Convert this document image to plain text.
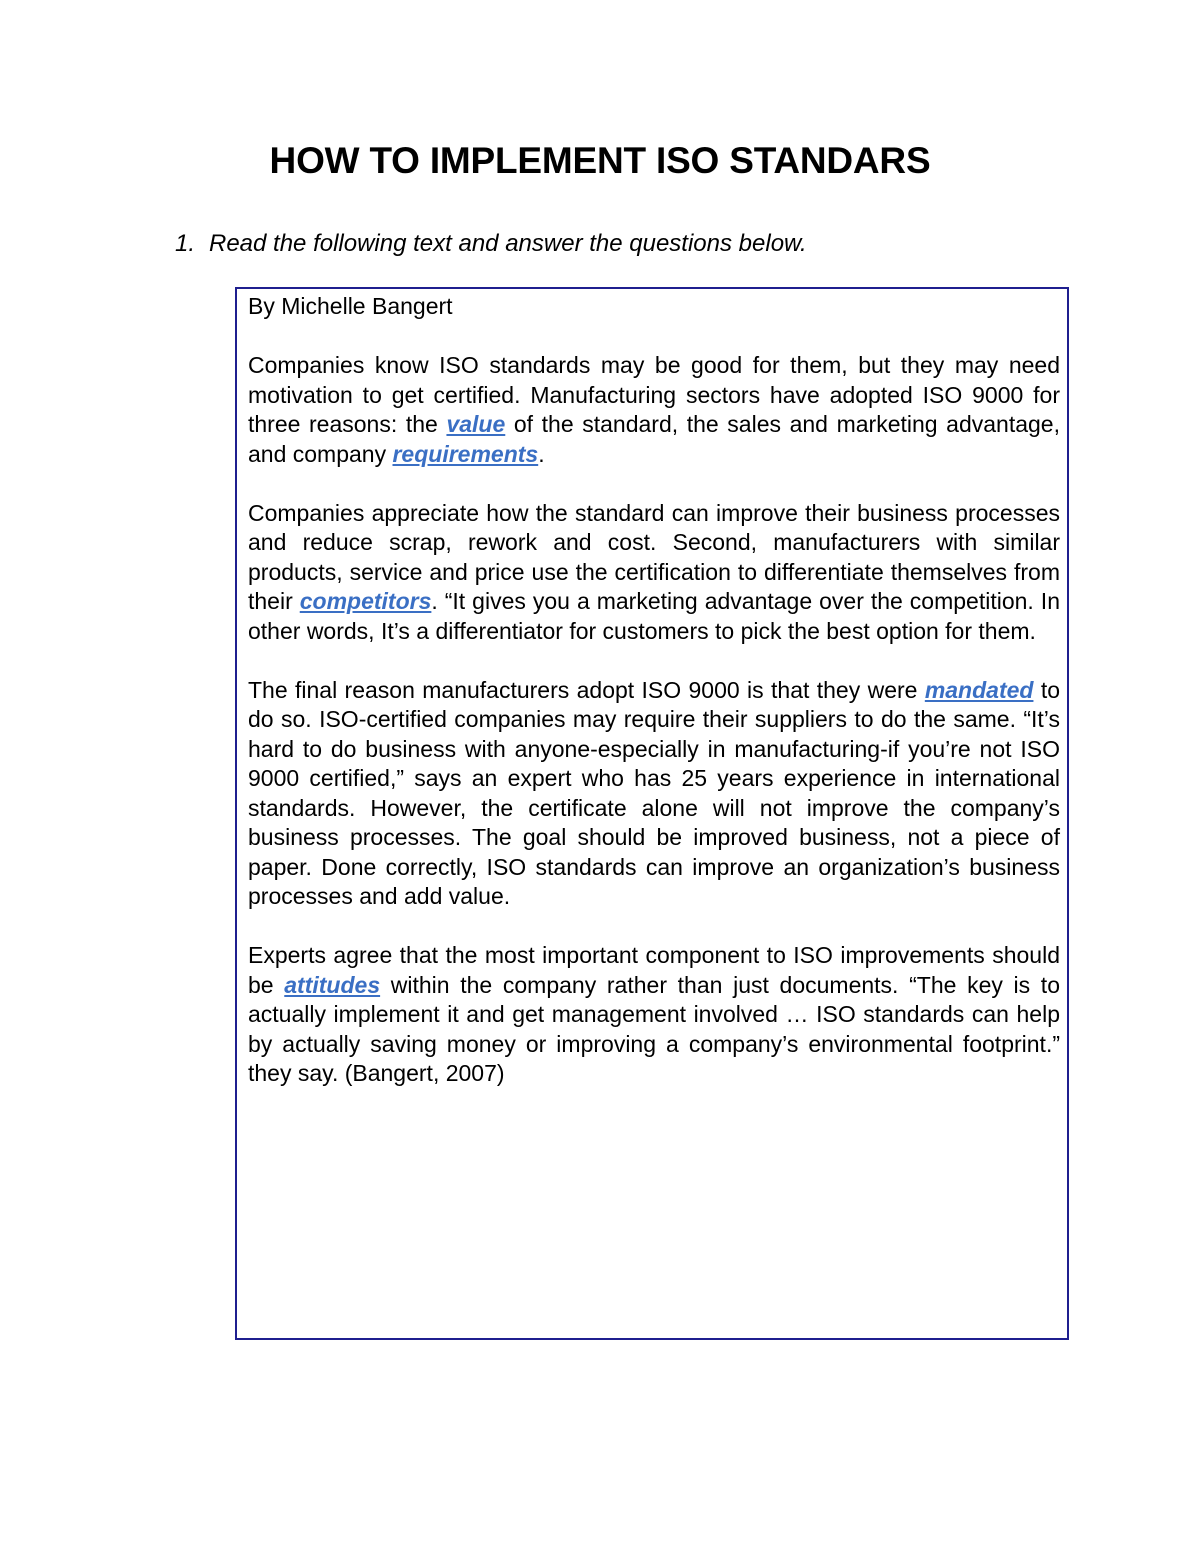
HOW TO IMPLEMENT ISO STANDARS
1. Read the following text and answer the questions below.

By Michelle Bangert

Companies know ISO standards may be good for them, but they may need motivation to get certified. Manufacturing sectors have adopted ISO 9000 for three reasons: the value of the standard, the sales and marketing advantage, and company requirements.

Companies appreciate how the standard can improve their business processes and reduce scrap, rework and cost. Second, manufacturers with similar products, service and price use the certification to differentiate themselves from their competitors. “It gives you a marketing advantage over the competition. In other words, It’s a differentiator for customers to pick the best option for them.

The final reason manufacturers adopt ISO 9000 is that they were mandated to do so. ISO-certified companies may require their suppliers to do the same. “It’s hard to do business with anyone-especially in manufacturing-if you’re not ISO 9000 certified,” says an expert who has 25 years experience in international standards. However, the certificate alone will not improve the company’s business processes. The goal should be improved business, not a piece of paper. Done correctly, ISO standards can improve an organization’s business processes and add value.

Experts agree that the most important component to ISO improvements should be attitudes within the company rather than just documents. “The key is to actually implement it and get management involved … ISO standards can help by actually saving money or improving a company’s environmental footprint.” they say. (Bangert, 2007)
